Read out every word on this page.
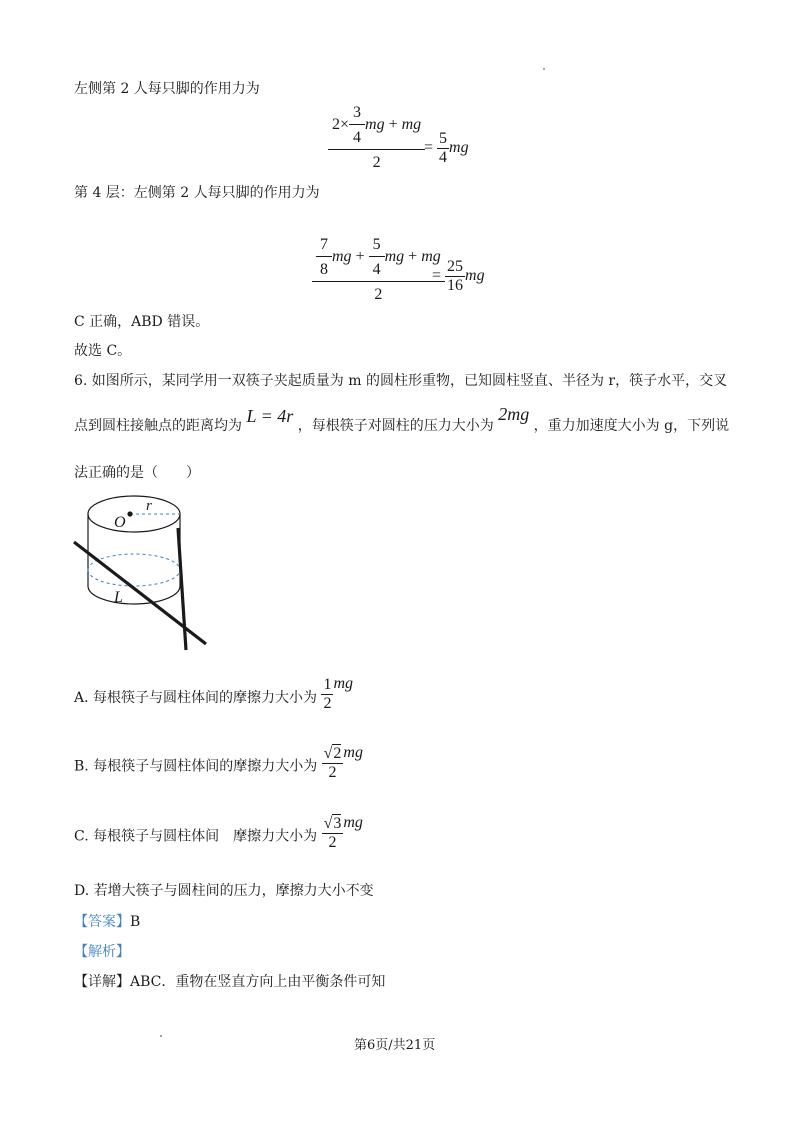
左侧第 2 人每只脚的作用力为
$\frac{2\times \frac{3}{4} mg + mg}{2}$
= $\frac{5}{4}$ mg
第 4 层：左侧第 2 人每只脚的作用力为
$\frac{\frac{7}{8} mg + \frac{5}{4} mg + mg}{2}$
= $\frac{25}{16}$ mg
C 正确，ABD 错误。
故选 C。
6. 如图所示，某同学用一双筷子夹起质量为 m 的圆柱形重物，已知圆柱竖直、半径为 r，筷子水平，交叉
点到圆柱接触点的距离均为 L = 4r ，每根筷子对圆柱的压力大小为 2mg ，重力加速度大小为 g，下列说
法正确的是（　　）
O
r
L
A. 每根筷子与圆柱体间的摩擦力大小为 $\frac{1}{2}$ mg
B. 每根筷子与圆柱体间的摩擦力大小为 $\frac{√2}{2}$ mg
C. 每根筷子与圆柱体间　摩擦力大小为 $\frac{√3}{2}$ mg
D. 若增大筷子与圆柱间的压力，摩擦力大小不变
【答案】B
【解析】
【详解】ABC．重物在竖直方向上由平衡条件可知
第6页/共21页
